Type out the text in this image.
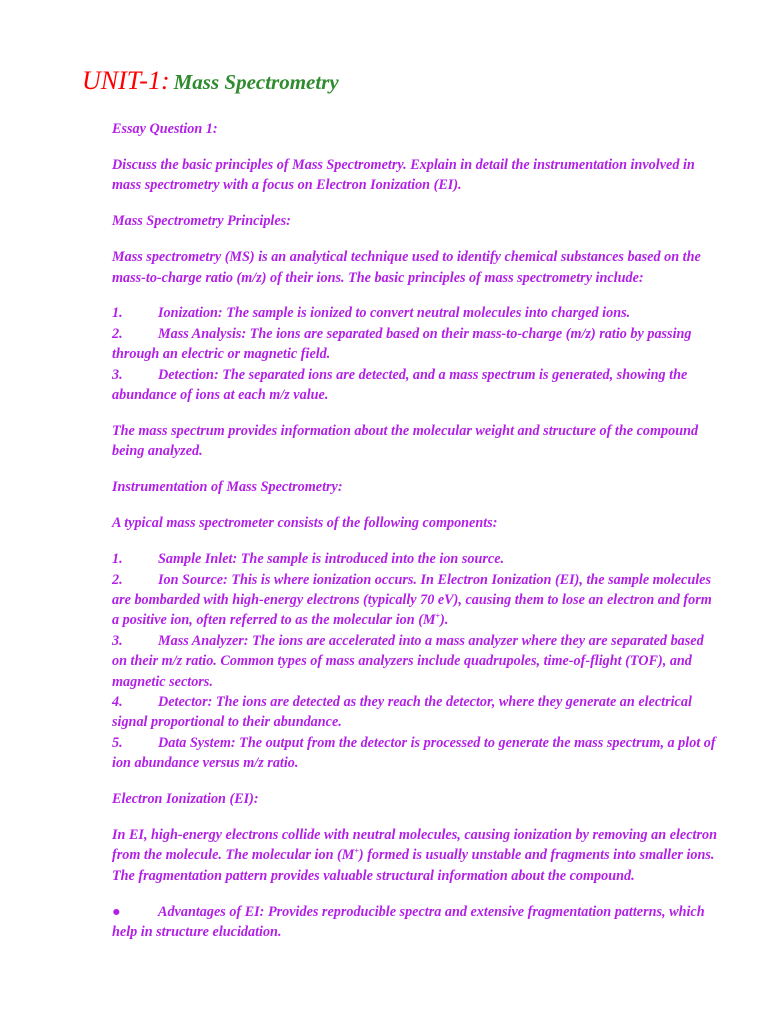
UNIT-1: Mass Spectrometry

Essay Question 1:

Discuss the basic principles of Mass Spectrometry. Explain in detail the instrumentation involved in mass spectrometry with a focus on Electron Ionization (EI).

Mass Spectrometry Principles:

Mass spectrometry (MS) is an analytical technique used to identify chemical substances based on the mass-to-charge ratio (m/z) of their ions. The basic principles of mass spectrometry include:

1. Ionization: The sample is ionized to convert neutral molecules into charged ions.
2. Mass Analysis: The ions are separated based on their mass-to-charge (m/z) ratio by passing through an electric or magnetic field.
3. Detection: The separated ions are detected, and a mass spectrum is generated, showing the abundance of ions at each m/z value.

The mass spectrum provides information about the molecular weight and structure of the compound being analyzed.

Instrumentation of Mass Spectrometry:

A typical mass spectrometer consists of the following components:

1. Sample Inlet: The sample is introduced into the ion source.
2. Ion Source: This is where ionization occurs. In Electron Ionization (EI), the sample molecules are bombarded with high-energy electrons (typically 70 eV), causing them to lose an electron and form a positive ion, often referred to as the molecular ion (M+).
3. Mass Analyzer: The ions are accelerated into a mass analyzer where they are separated based on their m/z ratio. Common types of mass analyzers include quadrupoles, time-of-flight (TOF), and magnetic sectors.
4. Detector: The ions are detected as they reach the detector, where they generate an electrical signal proportional to their abundance.
5. Data System: The output from the detector is processed to generate the mass spectrum, a plot of ion abundance versus m/z ratio.

Electron Ionization (EI):

In EI, high-energy electrons collide with neutral molecules, causing ionization by removing an electron from the molecule. The molecular ion (M+) formed is usually unstable and fragments into smaller ions. The fragmentation pattern provides valuable structural information about the compound.

●	Advantages of EI: Provides reproducible spectra and extensive fragmentation patterns, which help in structure elucidation.
